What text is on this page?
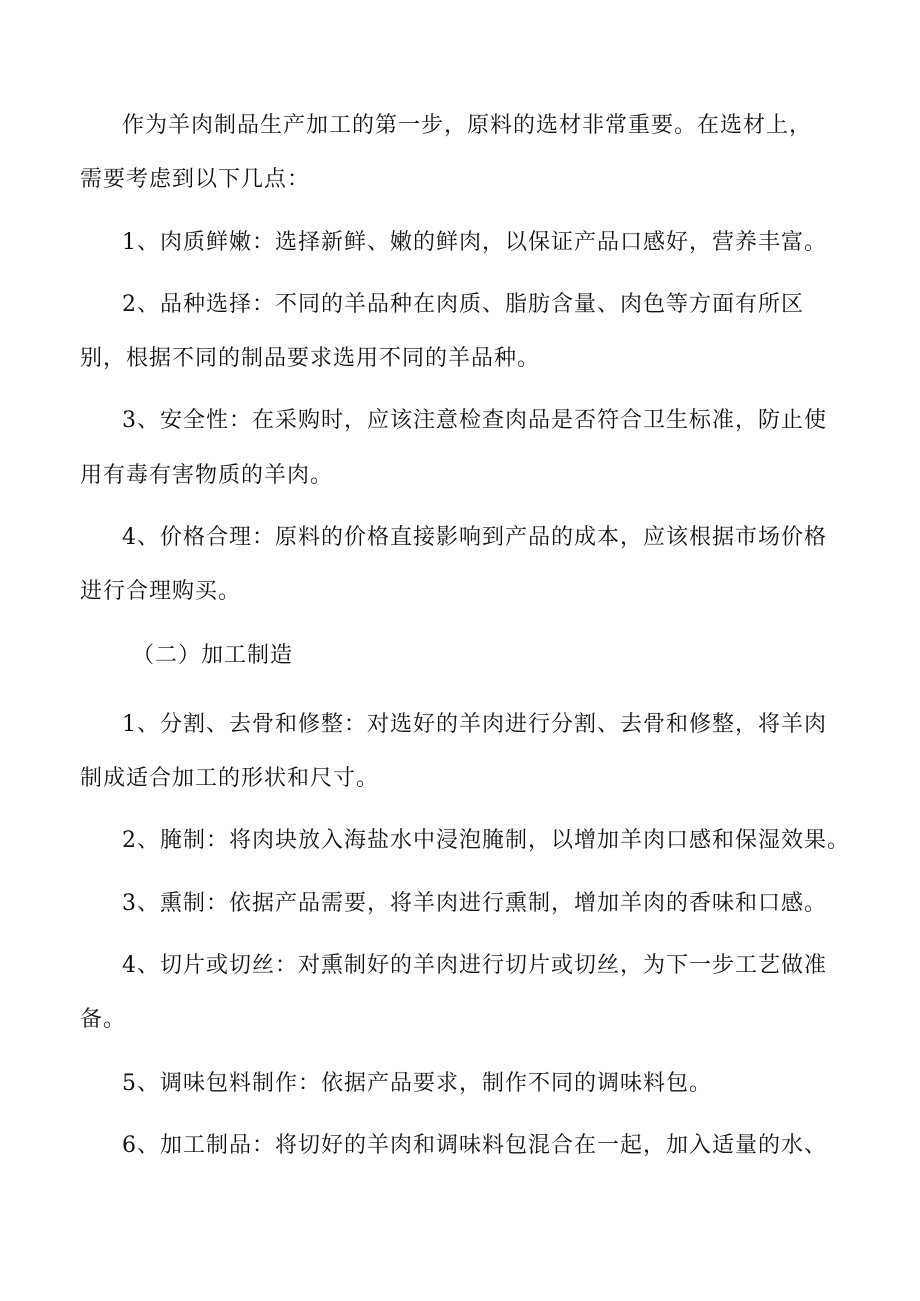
作为羊肉制品生产加工的第一步，原料的选材非常重要。在选材上，
需要考虑到以下几点：
1、肉质鲜嫩：选择新鲜、嫩的鲜肉，以保证产品口感好，营养丰富。
2、品种选择：不同的羊品种在肉质、脂肪含量、肉色等方面有所区
别，根据不同的制品要求选用不同的羊品种。
3、安全性：在采购时，应该注意检查肉品是否符合卫生标准，防止使
用有毒有害物质的羊肉。
4、价格合理：原料的价格直接影响到产品的成本，应该根据市场价格
进行合理购买。
（二）加工制造
1、分割、去骨和修整：对选好的羊肉进行分割、去骨和修整，将羊肉
制成适合加工的形状和尺寸。
2、腌制：将肉块放入海盐水中浸泡腌制，以增加羊肉口感和保湿效果。
3、熏制：依据产品需要，将羊肉进行熏制，增加羊肉的香味和口感。
4、切片或切丝：对熏制好的羊肉进行切片或切丝，为下一步工艺做准
备。
5、调味包料制作：依据产品要求，制作不同的调味料包。
6、加工制品：将切好的羊肉和调味料包混合在一起，加入适量的水、
